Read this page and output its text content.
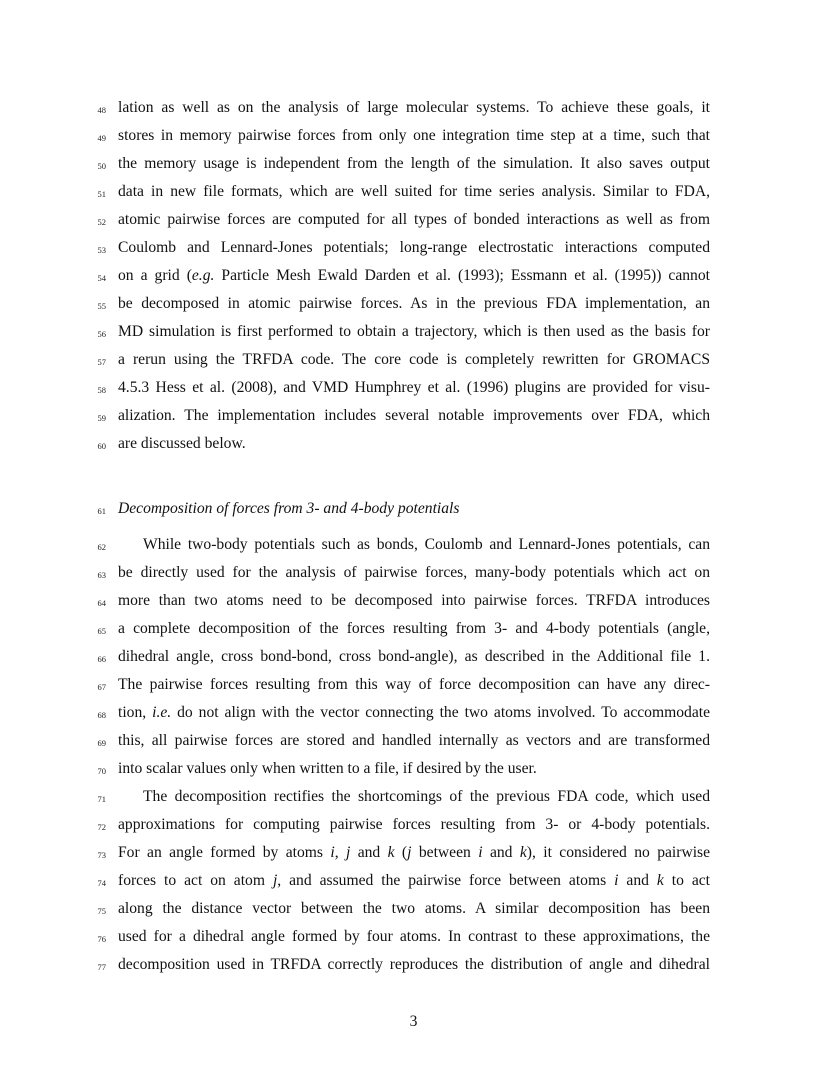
48 lation as well as on the analysis of large molecular systems. To achieve these goals, it
49 stores in memory pairwise forces from only one integration time step at a time, such that
50 the memory usage is independent from the length of the simulation. It also saves output
51 data in new file formats, which are well suited for time series analysis. Similar to FDA,
52 atomic pairwise forces are computed for all types of bonded interactions as well as from
53 Coulomb and Lennard-Jones potentials; long-range electrostatic interactions computed
54 on a grid (e.g. Particle Mesh Ewald Darden et al. (1993); Essmann et al. (1995)) cannot
55 be decomposed in atomic pairwise forces. As in the previous FDA implementation, an
56 MD simulation is first performed to obtain a trajectory, which is then used as the basis for
57 a rerun using the TRFDA code. The core code is completely rewritten for GROMACS
58 4.5.3 Hess et al. (2008), and VMD Humphrey et al. (1996) plugins are provided for visu-
59 alization. The implementation includes several notable improvements over FDA, which
60 are discussed below.
61 Decomposition of forces from 3- and 4-body potentials
62 While two-body potentials such as bonds, Coulomb and Lennard-Jones potentials, can
63 be directly used for the analysis of pairwise forces, many-body potentials which act on
64 more than two atoms need to be decomposed into pairwise forces. TRFDA introduces
65 a complete decomposition of the forces resulting from 3- and 4-body potentials (angle,
66 dihedral angle, cross bond-bond, cross bond-angle), as described in the Additional file 1.
67 The pairwise forces resulting from this way of force decomposition can have any direc-
68 tion, i.e. do not align with the vector connecting the two atoms involved. To accommodate
69 this, all pairwise forces are stored and handled internally as vectors and are transformed
70 into scalar values only when written to a file, if desired by the user.
71 The decomposition rectifies the shortcomings of the previous FDA code, which used
72 approximations for computing pairwise forces resulting from 3- or 4-body potentials.
73 For an angle formed by atoms i, j and k (j between i and k), it considered no pairwise
74 forces to act on atom j, and assumed the pairwise force between atoms i and k to act
75 along the distance vector between the two atoms. A similar decomposition has been
76 used for a dihedral angle formed by four atoms. In contrast to these approximations, the
77 decomposition used in TRFDA correctly reproduces the distribution of angle and dihedral
3
